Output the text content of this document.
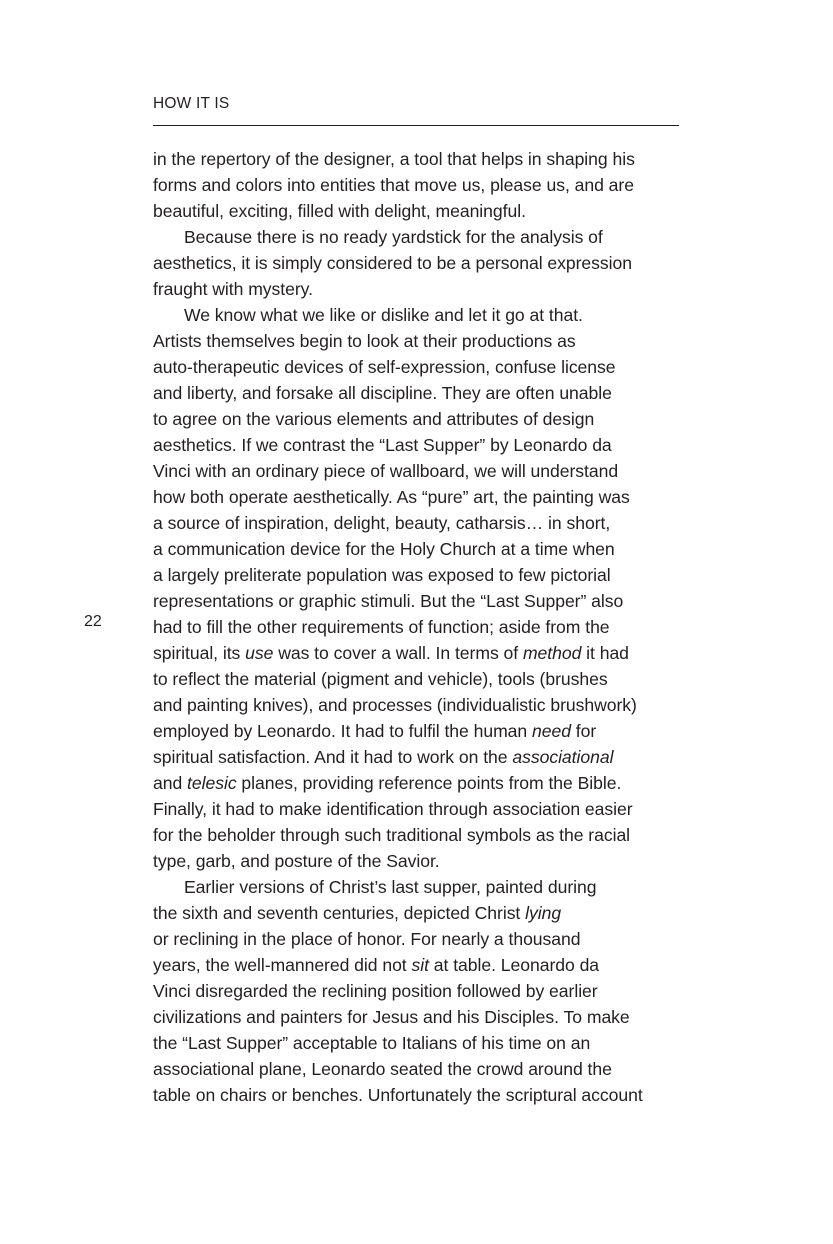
HOW IT IS
22
in the repertory of the designer, a tool that helps in shaping his
forms and colors into entities that move us, please us, and are
beautiful, exciting, filled with delight, meaningful.
Because there is no ready yardstick for the analysis of
aesthetics, it is simply considered to be a personal expression
fraught with mystery.
We know what we like or dislike and let it go at that.
Artists themselves begin to look at their productions as
auto-therapeutic devices of self-expression, confuse license
and liberty, and forsake all discipline. They are often unable
to agree on the various elements and attributes of design
aesthetics. If we contrast the “Last Supper” by Leonardo da
Vinci with an ordinary piece of wallboard, we will understand
how both operate aesthetically. As “pure” art, the painting was
a source of inspiration, delight, beauty, catharsis… in short,
a communication device for the Holy Church at a time when
a largely preliterate population was exposed to few pictorial
representations or graphic stimuli. But the “Last Supper” also
had to fill the other requirements of function; aside from the
spiritual, its use was to cover a wall. In terms of method it had
to reflect the material (pigment and vehicle), tools (brushes
and painting knives), and processes (individualistic brushwork)
employed by Leonardo. It had to fulfil the human need for
spiritual satisfaction. And it had to work on the associational
and telesic planes, providing reference points from the Bible.
Finally, it had to make identification through association easier
for the beholder through such traditional symbols as the racial
type, garb, and posture of the Savior.
Earlier versions of Christ’s last supper, painted during
the sixth and seventh centuries, depicted Christ lying
or reclining in the place of honor. For nearly a thousand
years, the well-mannered did not sit at table. Leonardo da
Vinci disregarded the reclining position followed by earlier
civilizations and painters for Jesus and his Disciples. To make
the “Last Supper” acceptable to Italians of his time on an
associational plane, Leonardo seated the crowd around the
table on chairs or benches. Unfortunately the scriptural account
